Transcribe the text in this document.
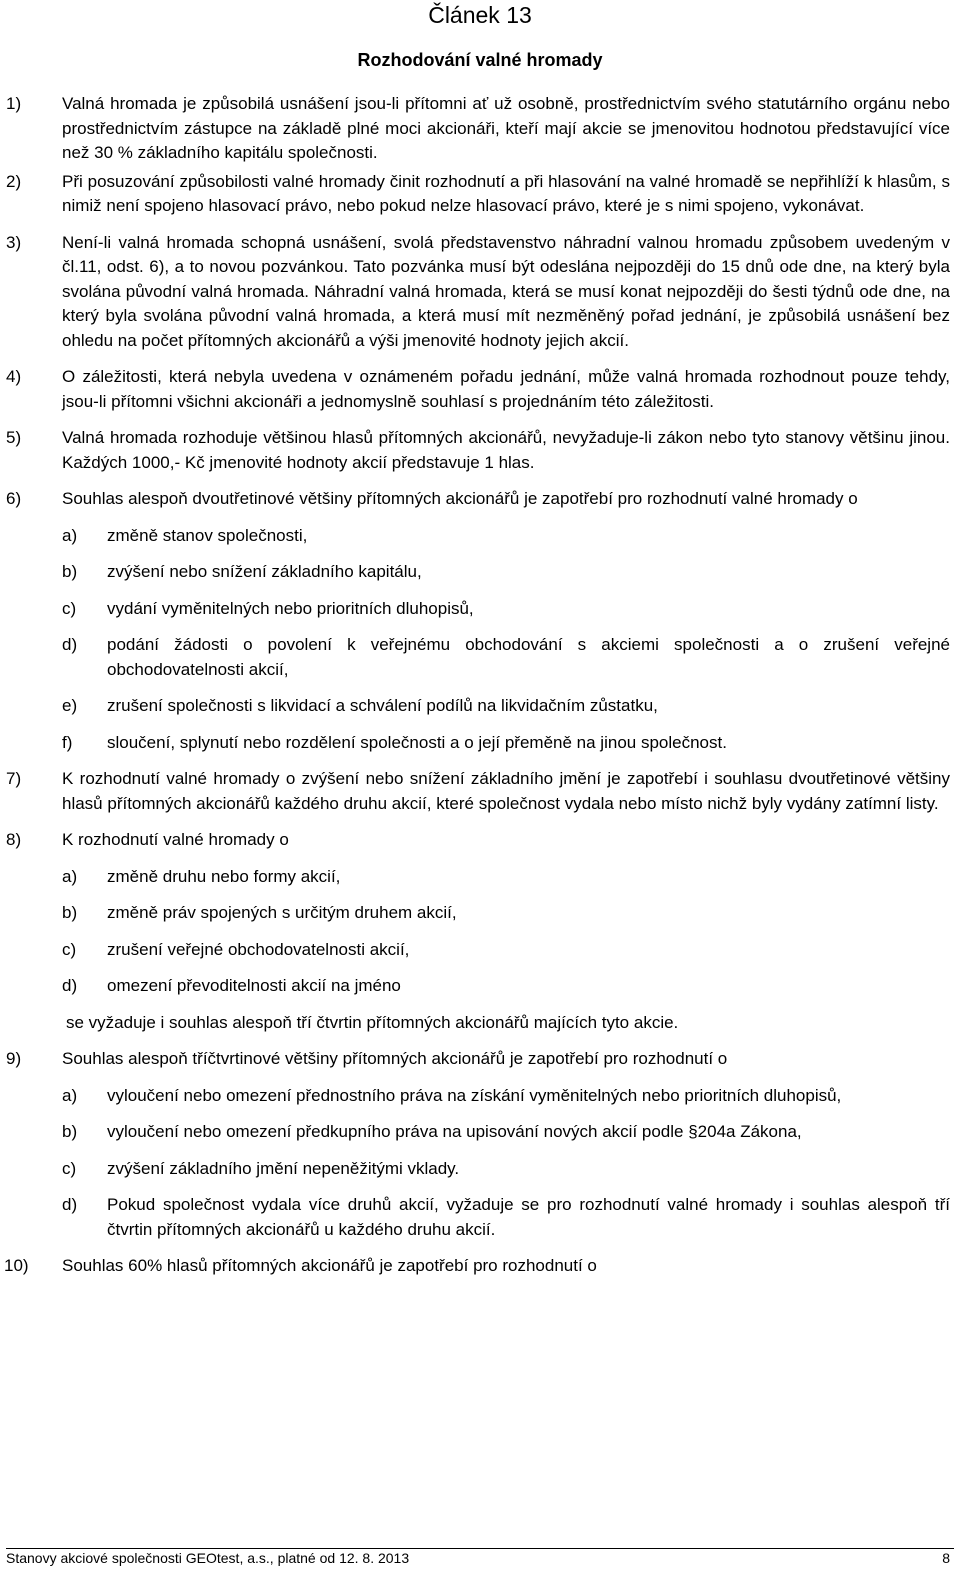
Článek 13
Rozhodování valné hromady
1) Valná hromada je způsobilá usnášení jsou-li přítomni ať už osobně, prostřednictvím svého statutárního orgánu nebo prostřednictvím zástupce na základě plné moci akcionáři, kteří mají akcie se jmenovitou hodnotou představující více než 30 % základního kapitálu společnosti.
2) Při posuzování způsobilosti valné hromady činit rozhodnutí a při hlasování na valné hromadě se nepřihlíží k hlasům, s nimiž není spojeno hlasovací právo, nebo pokud nelze hlasovací právo, které je s nimi spojeno, vykonávat.
3) Není-li valná hromada schopná usnášení, svolá představenstvo náhradní valnou hromadu způsobem uvedeným v čl.11, odst. 6), a to novou pozvánkou. Tato pozvánka musí být odeslána nejpozději do 15 dnů ode dne, na který byla svolána původní valná hromada. Náhradní valná hromada, která se musí konat nejpozději do šesti týdnů ode dne, na který byla svolána původní valná hromada, a která musí mít nezměněný pořad jednání, je způsobilá usnášení bez ohledu na počet přítomných akcionářů a výši jmenovité hodnoty jejich akcií.
4) O záležitosti, která nebyla uvedena v oznámeném pořadu jednání, může valná hromada rozhodnout pouze tehdy, jsou-li přítomni všichni akcionáři a jednomyslně souhlasí s projednáním této záležitosti.
5) Valná hromada rozhoduje většinou hlasů přítomných akcionářů, nevyžaduje-li zákon nebo tyto stanovy většinu jinou. Každých 1000,- Kč jmenovité hodnoty akcií představuje 1 hlas.
6) Souhlas alespoň dvoutřetinové většiny přítomných akcionářů je zapotřebí pro rozhodnutí valné hromady o
a) změně stanov společnosti,
b) zvýšení nebo snížení základního kapitálu,
c) vydání vyměnitelných nebo prioritních dluhopisů,
d) podání žádosti o povolení k veřejnému obchodování s akciemi společnosti a o zrušení veřejné obchodovatelnosti akcií,
e) zrušení společnosti s likvidací a schválení podílů na likvidačním zůstatku,
f) sloučení, splynutí nebo rozdělení společnosti a o její přeměně na jinou společnost.
7) K rozhodnutí valné hromady o zvýšení nebo snížení základního jmění je zapotřebí i souhlasu dvoutřetinové většiny hlasů přítomných akcionářů každého druhu akcií, které společnost vydala nebo místo nichž byly vydány zatímní listy.
8) K rozhodnutí valné hromady o
a) změně druhu nebo formy akcií,
b) změně práv spojených s určitým druhem akcií,
c) zrušení veřejné obchodovatelnosti akcií,
d) omezení převoditelnosti akcií na jméno
se vyžaduje i souhlas alespoň tří čtvrtin přítomných akcionářů majících tyto akcie.
9) Souhlas alespoň tříčtvrtinové většiny přítomných akcionářů je zapotřebí pro rozhodnutí o
a) vyloučení nebo omezení přednostního práva na získání vyměnitelných nebo prioritních dluhopisů,
b) vyloučení nebo omezení předkupního práva na upisování nových akcií podle §204a Zákona,
c) zvýšení základního jmění nepeněžitými vklady.
d) Pokud společnost vydala více druhů akcií, vyžaduje se pro rozhodnutí valné hromady i souhlas alespoň tří čtvrtin přítomných akcionářů u každého druhu akcií.
10) Souhlas 60% hlasů přítomných akcionářů je zapotřebí pro rozhodnutí o
Stanovy akciové společnosti GEOtest, a.s., platné od 12. 8. 2013	8
